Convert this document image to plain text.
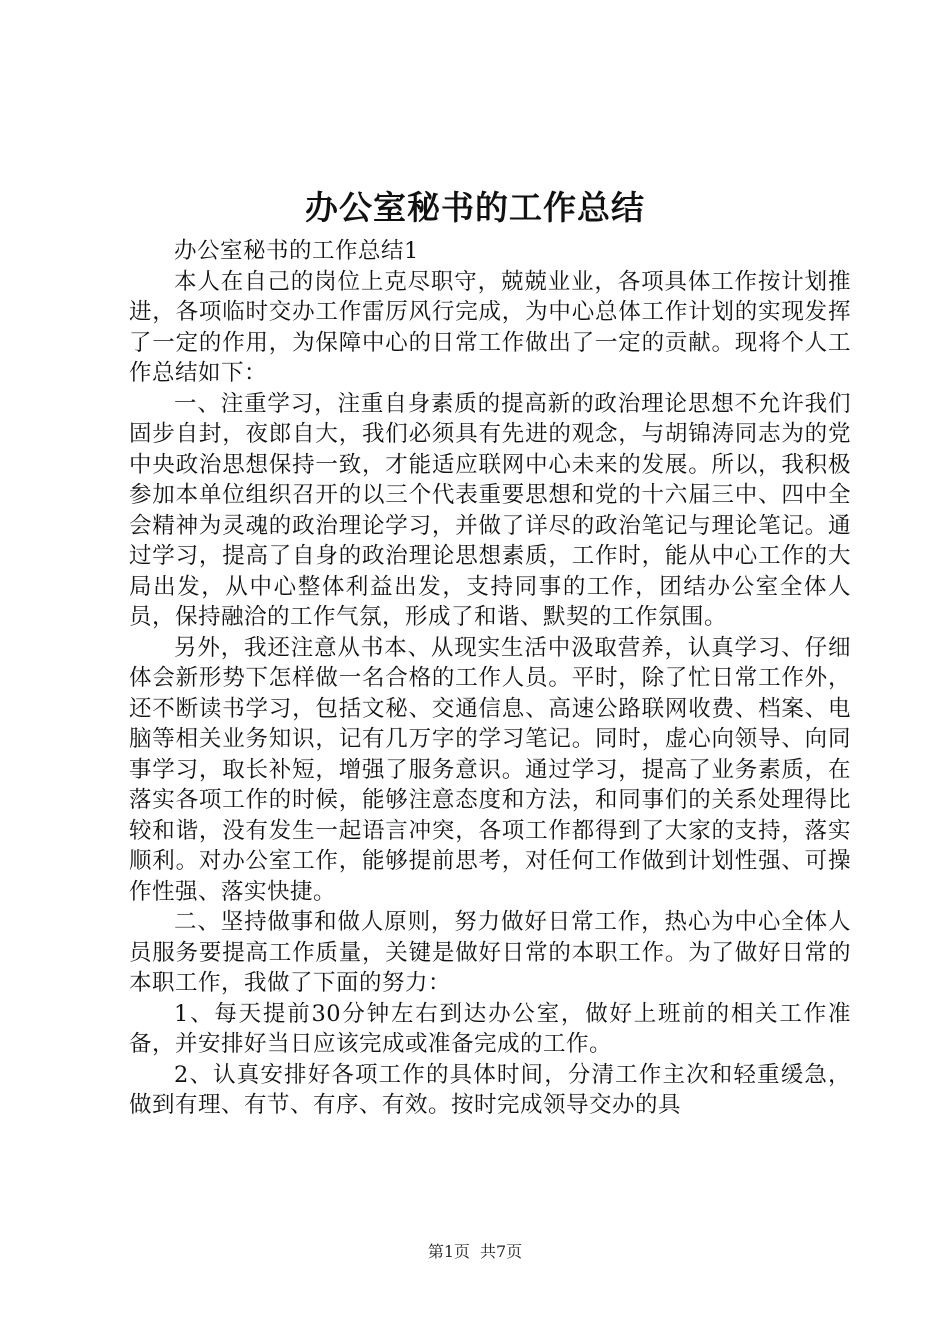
办公室秘书的工作总结

办公室秘书的工作总结1

本人在自己的岗位上克尽职守，兢兢业业，各项具体工作按计划推进，各项临时交办工作雷厉风行完成，为中心总体工作计划的实现发挥了一定的作用，为保障中心的日常工作做出了一定的贡献。现将个人工作总结如下：

一、注重学习，注重自身素质的提高新的政治理论思想不允许我们固步自封，夜郎自大，我们必须具有先进的观念，与胡锦涛同志为的党中央政治思想保持一致，才能适应联网中心未来的发展。所以，我积极参加本单位组织召开的以三个代表重要思想和党的十六届三中、四中全会精神为灵魂的政治理论学习，并做了详尽的政治笔记与理论笔记。通过学习，提高了自身的政治理论思想素质，工作时，能从中心工作的大局出发，从中心整体利益出发，支持同事的工作，团结办公室全体人员，保持融洽的工作气氛，形成了和谐、默契的工作氛围。

另外，我还注意从书本、从现实生活中汲取营养，认真学习、仔细体会新形势下怎样做一名合格的工作人员。平时，除了忙日常工作外，还不断读书学习，包括文秘、交通信息、高速公路联网收费、档案、电脑等相关业务知识，记有几万字的学习笔记。同时，虚心向领导、向同事学习，取长补短，增强了服务意识。通过学习，提高了业务素质，在落实各项工作的时候，能够注意态度和方法，和同事们的关系处理得比较和谐，没有发生一起语言冲突，各项工作都得到了大家的支持，落实顺利。对办公室工作，能够提前思考，对任何工作做到计划性强、可操作性强、落实快捷。

二、坚持做事和做人原则，努力做好日常工作，热心为中心全体人员服务要提高工作质量，关键是做好日常的本职工作。为了做好日常的本职工作，我做了下面的努力：

1、每天提前30分钟左右到达办公室，做好上班前的相关工作准备，并安排好当日应该完成或准备完成的工作。

2、认真安排好各项工作的具体时间，分清工作主次和轻重缓急，做到有理、有节、有序、有效。按时完成领导交办的具

第1页 共7页
